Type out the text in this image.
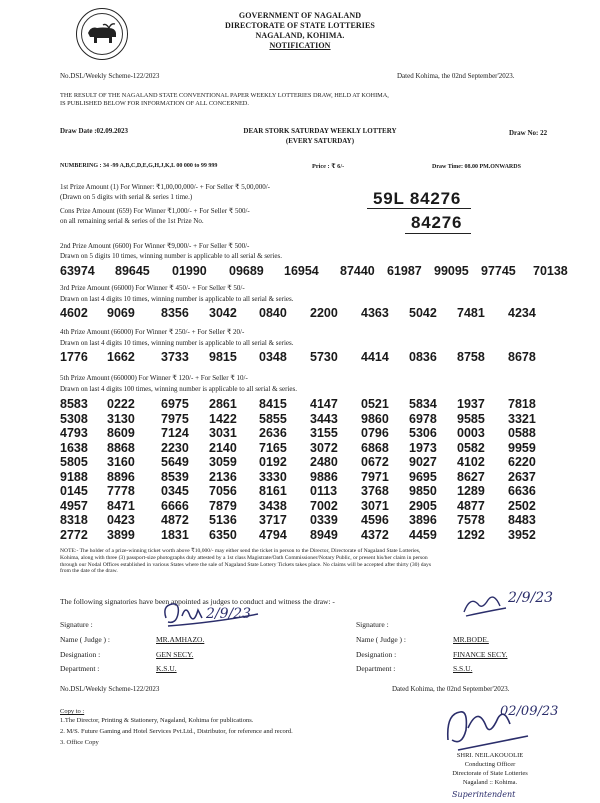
GOVERNMENT OF NAGALAND
DIRECTORATE OF STATE LOTTERIES
NAGALAND, KOHIMA.
NOTIFICATION
No.DSL/Weekly Scheme-122/2023	Dated Kohima, the 02nd September'2023.
THE RESULT OF THE NAGALAND STATE CONVENTIONAL PAPER WEEKLY LOTTERIES DRAW, HELD AT KOHIMA,
IS PUBLISHED BELOW FOR INFORMATION OF ALL CONCERNED.
Draw Date :02.09.2023	DEAR STORK SATURDAY WEEKLY LOTTERY
(EVERY SATURDAY)
Draw No: 22
NUMBERING : 34 -99 A,B,C,D,E,G,H,J,K,L 00 000 to 99 999	Price : ₹ 6/-	Draw Time: 08.00 PM.ONWARDS
1st Prize Amount (1) For Winner: ₹1,00,00,000/- + For Seller ₹ 5,00,000/-
(Drawn on 5 digits with serial & series 1 time.)	59L 84276
Cons Prize Amount (659) For Winner ₹1,000/- + For Seller ₹ 500/-
on all remaining serial & series of the 1st Prize No.	84276
2nd Prize Amount (6600) For Winner ₹9,000/- + For Seller ₹ 500/-
Drawn on 5 digits 10 times, winning number is applicable to all serial & series.
63974 89645 01990 09689 16954 87440 61987 99095 97745 70138
3rd Prize Amount (66000) For Winner ₹ 450/- + For Seller ₹ 50/-
Drawn on last 4 digits 10 times, winning number is applicable to all serial & series.
4602 9069 8356 3042 0840 2200 4363 5042 7481 4234
4th Prize Amount (66000) For Winner ₹ 250/- + For Seller ₹ 20/-
Drawn on last 4 digits 10 times, winning number is applicable to all serial & series.
1776 1662 3733 9815 0348 5730 4414 0836 8758 8678
5th Prize Amount (660000) For Winner ₹ 120/- + For Seller ₹ 10/-
Drawn on last 4 digits 100 times, winning number is applicable to all serial & series.
8583 0222 6975 2861 8415 4147 0521 5834 1937 7818
5308 3130 7975 1422 5855 3443 9860 6978 9585 3321
4793 8609 7124 3031 2636 3155 0796 5306 0003 0588
1638 8868 2230 2140 7165 3072 6868 1973 0582 9959
5805 3160 5649 3059 0192 2480 0672 9027 4102 6220
9188 8896 8539 2136 3330 9886 7971 9695 8627 2637
0145 7778 0345 7056 8161 0113 3768 9850 1289 6636
4957 8471 6666 7879 3438 7002 3071 2905 4877 2502
8318 0423 4872 5136 3717 0339 4596 3896 7578 8483
2772 3899 1831 6350 4794 8949 4372 4459 1292 3952
NOTE:- The holder of a prize-winning ticket worth above ₹10,000/- may either send the ticket in person to the Director, Directorate of Nagaland State Lotteries,
Kohima, along with three (3) passport-size photographs duly attested by a 1st class Magistrate/Oath Commissioner/Notary Public, or present his/her claim in person
through our Nodal Offices established in various States where the sale of Nagaland State Lottery Tickets takes place. No claims will be accepted after thirty (30) days
from the date of the draw.
The following signatories have been appointed as judges to conduct and witness the draw: -
Signature :
Name ( Judge ) :	MR.AMHAZO.
Designation :	GEN SECY.
Department :	K.S.U.
2/9/23
Signature :
Name ( Judge ) :	MR.BODE.
Designation :	FINANCE SECY.
Department :	S.S.U.
2/9/23
No.DSL/Weekly Scheme-122/2023	Dated Kohima, the 02nd September'2023.
Copy to :
1.The Director, Printing & Stationery, Nagaland, Kohima for publications.
2. M/S. Future Gaming and Hotel Services Pvt.Ltd., Distributor, for reference and record.
3. Office Copy
02/09/23
SHRI. NEILAKOUOLIE
Conducting Officer
Directorate of State Lotteries
Nagaland :: Kohima.
Superintendent
